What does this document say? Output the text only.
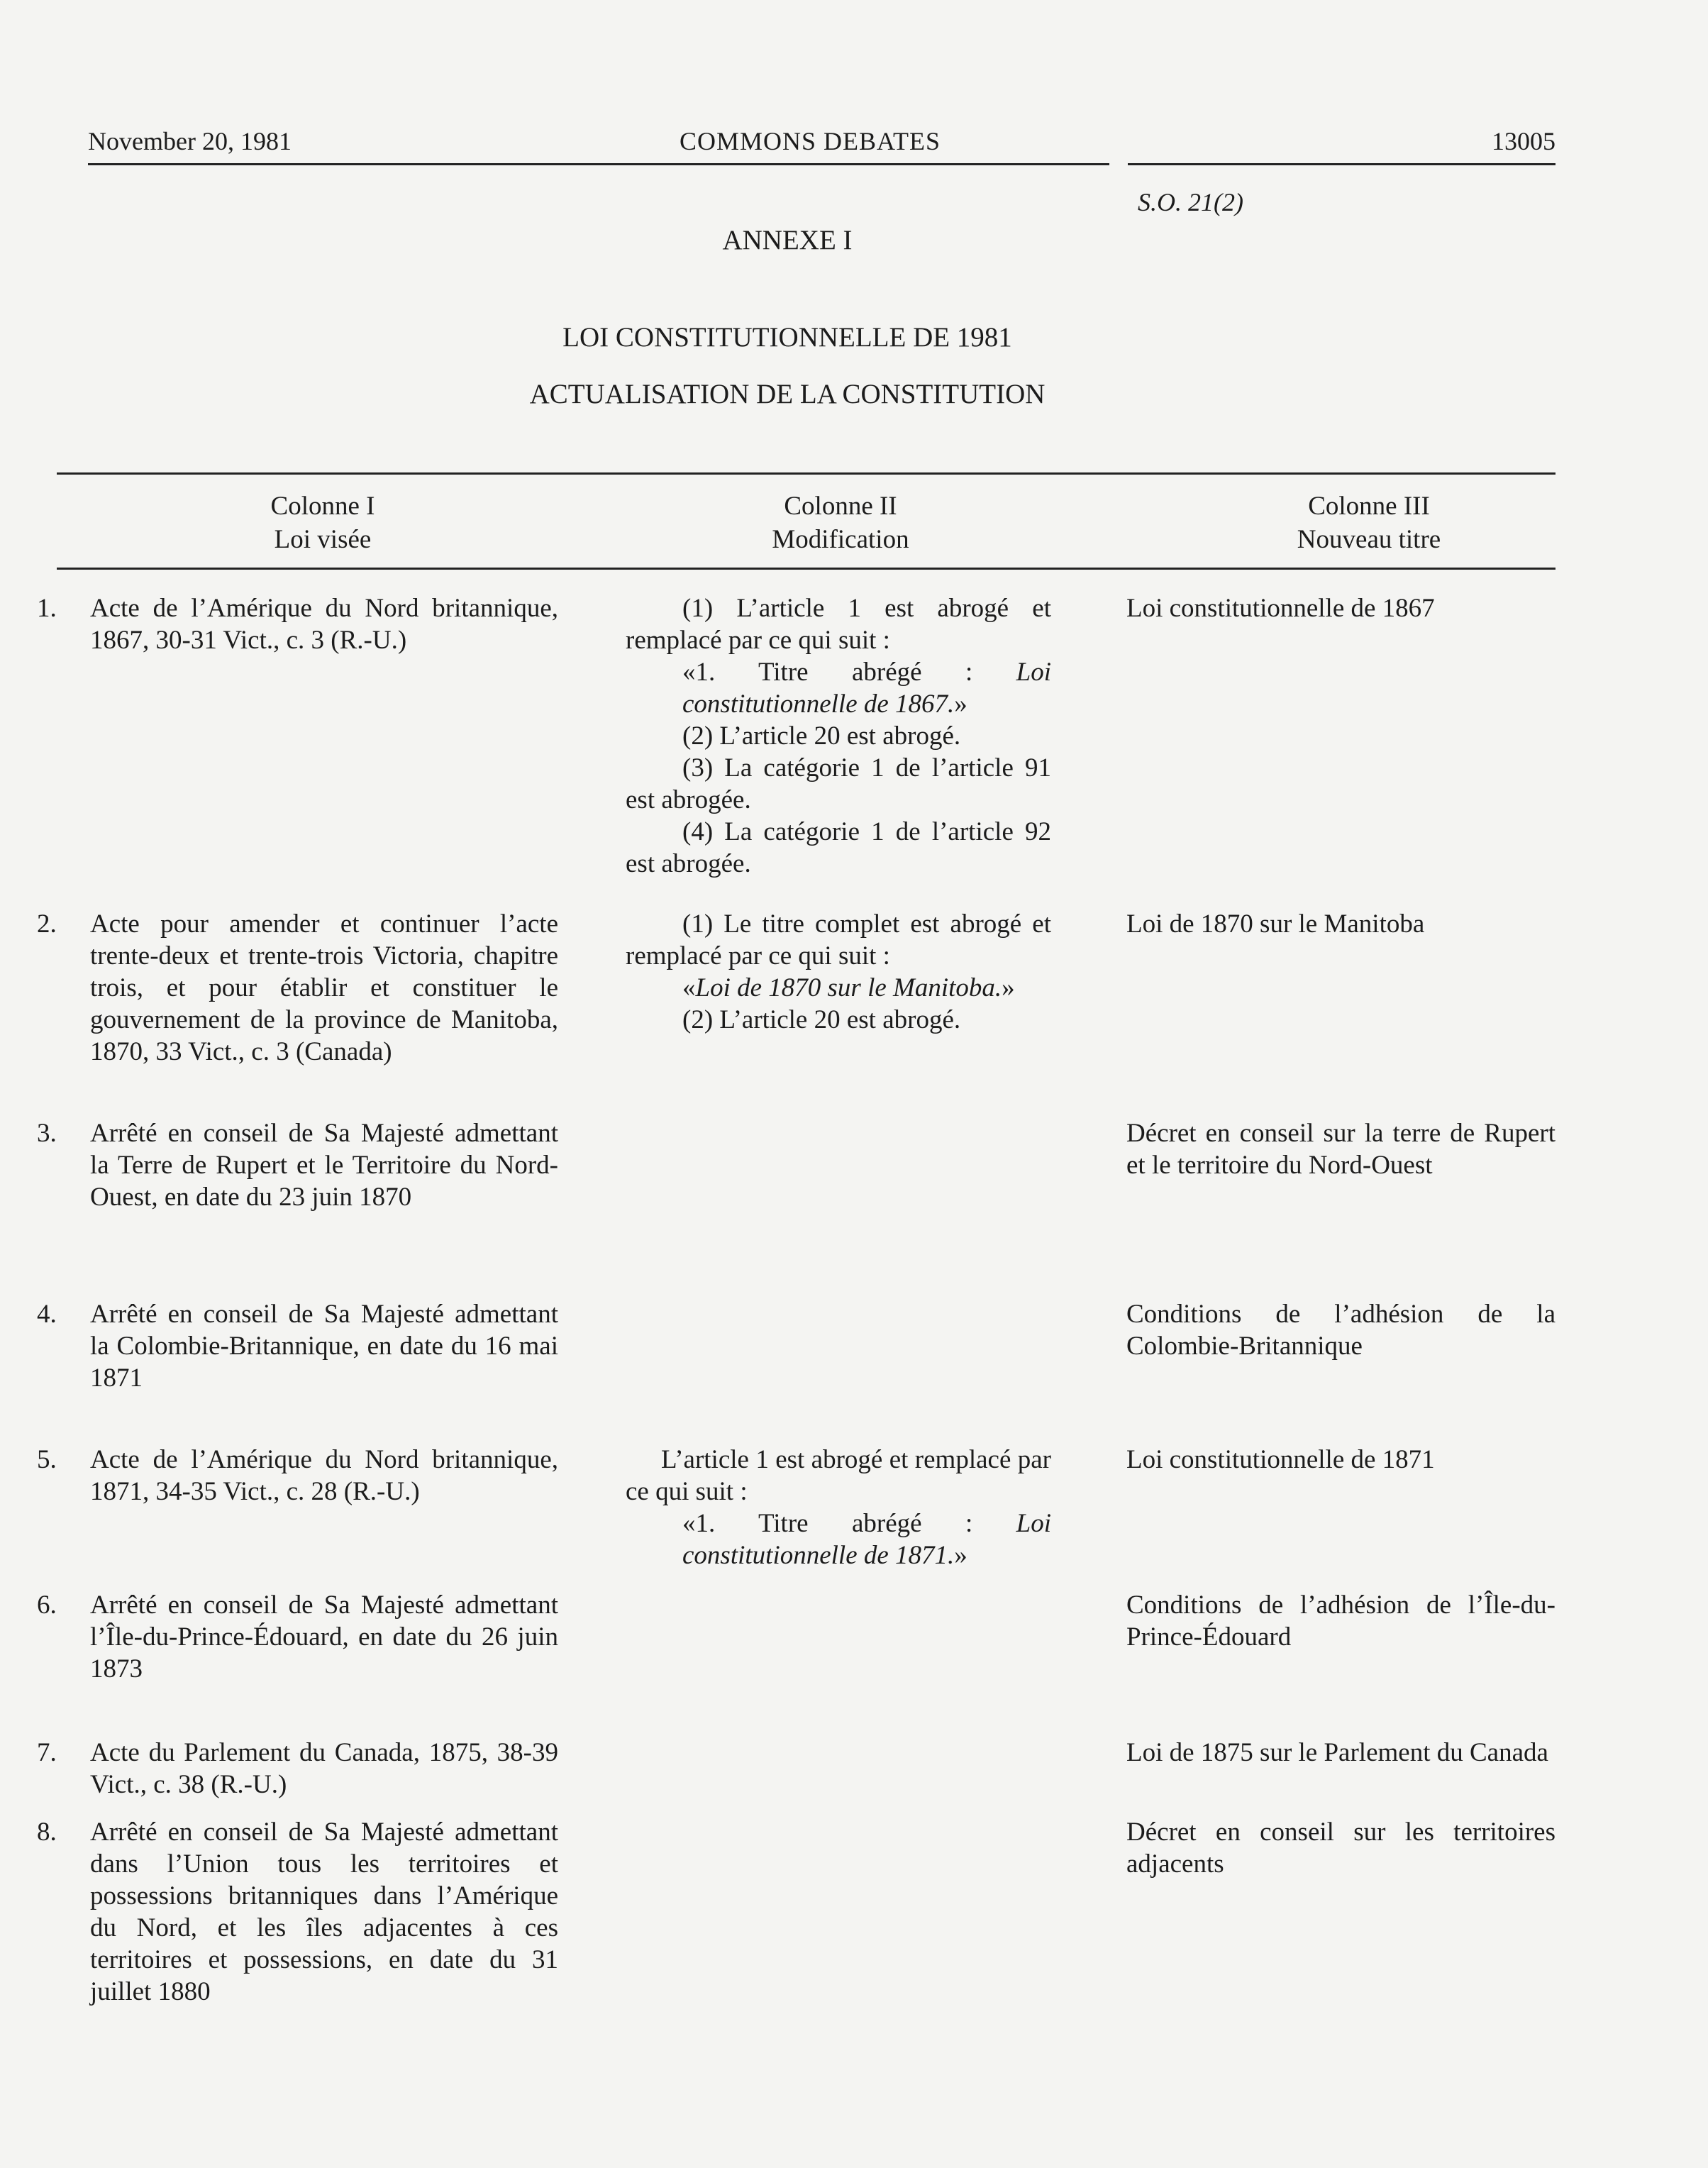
November 20, 1981	COMMONS DEBATES	13005
S.O. 21(2)
ANNEXE I
LOI CONSTITUTIONNELLE DE 1981
ACTUALISATION DE LA CONSTITUTION
Colonne I
Loi visée
Colonne II
Modification
Colonne III
Nouveau titre
1. Acte de l’Amérique du Nord britannique, 1867, 30-31 Vict., c. 3 (R.-U.)

(1) L’article 1 est abrogé et remplacé par ce qui suit :

«1. Titre abrégé : Loi constitutionnelle de 1867.»

(2) L’article 20 est abrogé.

(3) La catégorie 1 de l’article 91 est abrogée.

(4) La catégorie 1 de l’article 92 est abrogée.

Loi constitutionnelle de 1867
2. Acte pour amender et continuer l’acte trente-deux et trente-trois Victoria, chapitre trois, et pour établir et constituer le gouvernement de la province de Manitoba, 1870, 33 Vict., c. 3 (Canada)

(1) Le titre complet est abrogé et remplacé par ce qui suit :

«Loi de 1870 sur le Manitoba.»

(2) L’article 20 est abrogé.

Loi de 1870 sur le Manitoba
3. Arrêté en conseil de Sa Majesté admettant la Terre de Rupert et le Territoire du Nord-Ouest, en date du 23 juin 1870
Décret en conseil sur la terre de Rupert et le territoire du Nord-Ouest
4. Arrêté en conseil de Sa Majesté admettant la Colombie-Britannique, en date du 16 mai 1871
Conditions de l’adhésion de la Colombie-Britannique
5. Acte de l’Amérique du Nord britannique, 1871, 34-35 Vict., c. 28 (R.-U.)

L’article 1 est abrogé et remplacé par ce qui suit :

«1. Titre abrégé : Loi constitutionnelle de 1871.»

Loi constitutionnelle de 1871
6. Arrêté en conseil de Sa Majesté admettant l’Île-du-Prince-Édouard, en date du 26 juin 1873
Conditions de l’adhésion de l’Île-du-Prince-Édouard
7. Acte du Parlement du Canada, 1875, 38-39 Vict., c. 38 (R.-U.)
Loi de 1875 sur le Parlement du Canada
8. Arrêté en conseil de Sa Majesté admettant dans l’Union tous les territoires et possessions britanniques dans l’Amérique du Nord, et les îles adjacentes à ces territoires et possessions, en date du 31 juillet 1880
Décret en conseil sur les territoires adjacents
